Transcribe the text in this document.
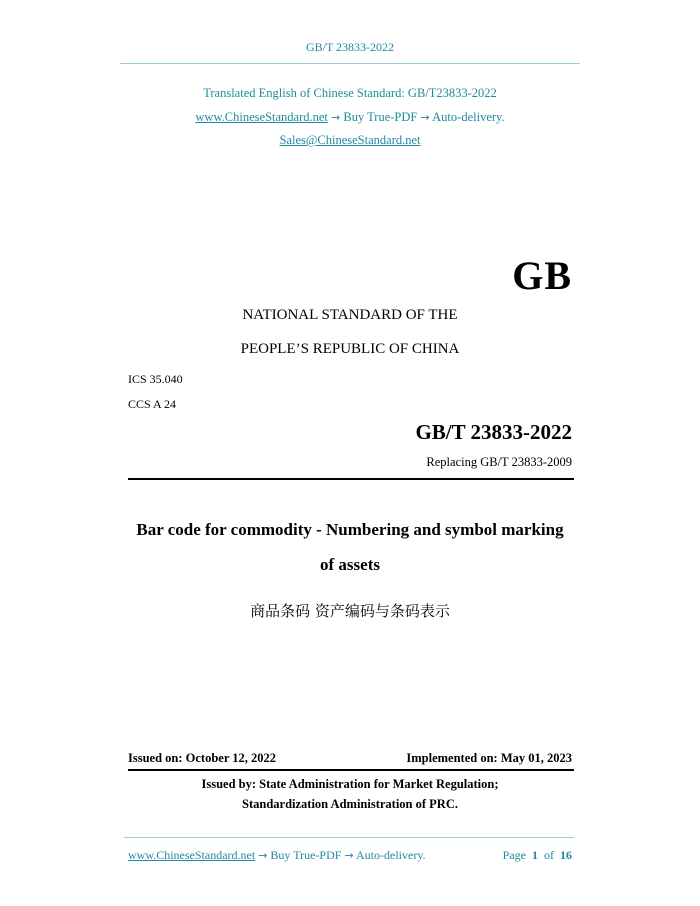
GB/T 23833-2022
Translated English of Chinese Standard: GB/T23833-2022
www.ChineseStandard.net → Buy True-PDF → Auto-delivery.
Sales@ChineseStandard.net
GB
NATIONAL STANDARD OF THE
PEOPLE’S REPUBLIC OF CHINA
ICS 35.040
CCS A 24
GB/T 23833-2022
Replacing GB/T 23833-2009
Bar code for commodity - Numbering and symbol marking
of assets
商品条码 资产编码与条码表示
Issued on: October 12, 2022	Implemented on: May 01, 2023
Issued by: State Administration for Market Regulation;
Standardization Administration of PRC.
www.ChineseStandard.net → Buy True-PDF → Auto-delivery.	Page 1 of 16
